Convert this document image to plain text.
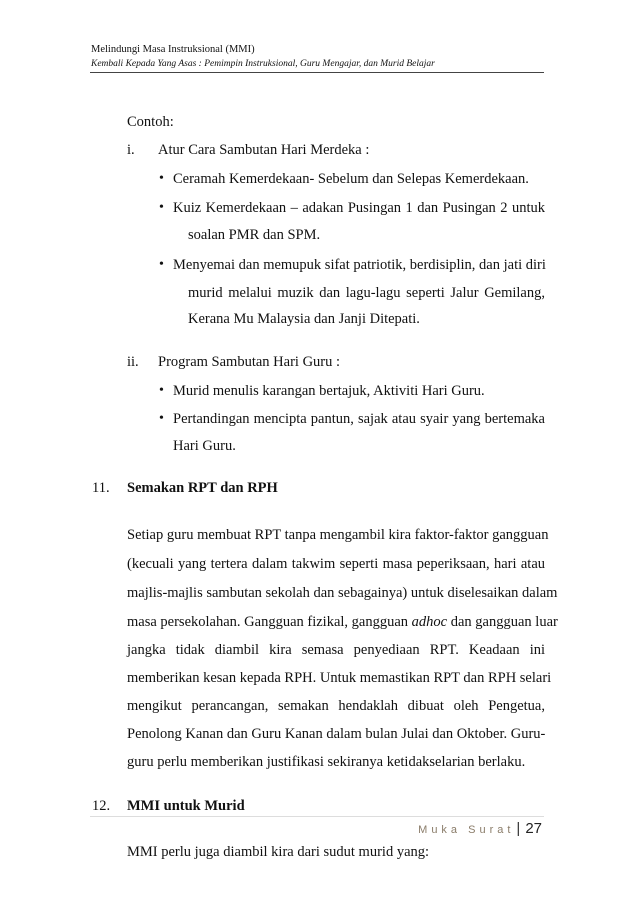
Melindungi Masa Instruksional (MMI)
Kembali Kepada Yang Asas : Pemimpin Instruksional, Guru Mengajar, dan Murid Belajar
Contoh:
i. Atur Cara Sambutan Hari Merdeka :
• Ceramah Kemerdekaan- Sebelum dan Selepas Kemerdekaan.
• Kuiz Kemerdekaan – adakan Pusingan 1 dan Pusingan 2 untuk
soalan PMR dan SPM.
• Menyemai dan memupuk sifat patriotik, berdisiplin, dan jati diri
murid melalui muzik dan lagu-lagu seperti Jalur Gemilang,
Kerana Mu Malaysia dan Janji Ditepati.
ii. Program Sambutan Hari Guru :
• Murid menulis karangan bertajuk, Aktiviti Hari Guru.
• Pertandingan mencipta pantun, sajak atau syair yang bertemaka
Hari Guru.
11. Semakan RPT dan RPH
Setiap guru membuat RPT tanpa mengambil kira faktor-faktor gangguan
(kecuali yang tertera dalam takwim seperti masa peperiksaan, hari atau
majlis-majlis sambutan sekolah dan sebagainya) untuk diselesaikan dalam
masa persekolahan. Gangguan fizikal, gangguan adhoc dan gangguan luar
jangka tidak diambil kira semasa penyediaan RPT. Keadaan ini
memberikan kesan kepada RPH. Untuk memastikan RPT dan RPH selari
mengikut perancangan, semakan hendaklah dibuat oleh Pengetua,
Penolong Kanan dan Guru Kanan dalam bulan Julai dan Oktober. Guru-
guru perlu memberikan justifikasi sekiranya ketidakselarian berlaku.
12. MMI untuk Murid
MMI perlu juga diambil kira dari sudut murid yang:
Muka Surat | 27
